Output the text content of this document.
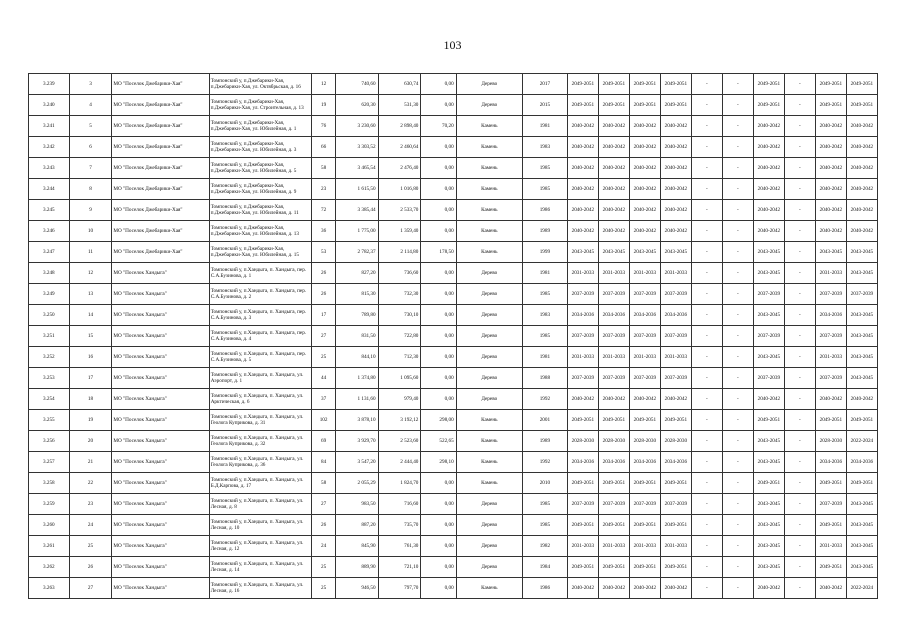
103
3.239	3	МО "Поселок Джебарики-Хая"	Томпонский у, п.Джебарики-Хая, п.Джебарики-Хая, ул. Октябрьская, д. 16	12	740,60	630,74	0,00	Дерево	2017	2049-2051	2049-2051	2049-2051	2049-2051	-	-	2049-2051	-	2049-2051	2049-2051
3.240	4	МО "Поселок Джебарики-Хая"	Томпонский у, п.Джебарики-Хая, п.Джебарики-Хая, ул. Строительная, д. 13	19	620,30	531,30	0,00	Дерево	2015	2049-2051	2049-2051	2049-2051	2049-2051	-	-	2049-2051	-	2049-2051	2049-2051
3.241	5	МО "Поселок Джебарики-Хая"	Томпонский у, п.Джебарики-Хая, п.Джебарики-Хая, ул. Юбилейная, д. 1	76	3 230,60	2 898,40	70,20	Камень	1981	2040-2042	2040-2042	2040-2042	2040-2042	-	-	2040-2042	-	2040-2042	2040-2042
3.242	6	МО "Поселок Джебарики-Хая"	Томпонский у, п.Джебарики-Хая, п.Джебарики-Хая, ул. Юбилейная, д. 3	66	3 303,52	2 460,64	0,00	Камень	1983	2040-2042	2040-2042	2040-2042	2040-2042	-	-	2040-2042	-	2040-2042	2040-2042
3.243	7	МО "Поселок Джебарики-Хая"	Томпонский у, п.Джебарики-Хая, п.Джебарики-Хая, ул. Юбилейная, д. 5	58	3 465,54	2 476,40	0,00	Камень	1985	2040-2042	2040-2042	2040-2042	2040-2042	-	-	2040-2042	-	2040-2042	2040-2042
3.244	8	МО "Поселок Джебарики-Хая"	Томпонский у, п.Джебарики-Хая, п.Джебарики-Хая, ул. Юбилейная, д. 9	23	1 615,50	1 016,80	0,00	Камень	1985	2040-2042	2040-2042	2040-2042	2040-2042	-	-	2040-2042	-	2040-2042	2040-2042
3.245	9	МО "Поселок Джебарики-Хая"	Томпонский у, п.Джебарики-Хая, п.Джебарики-Хая, ул. Юбилейная, д. 11	72	3 385,44	2 533,70	0,00	Камень	1986	2040-2042	2040-2042	2040-2042	2040-2042	-	-	2040-2042	-	2040-2042	2040-2042
3.246	10	МО "Поселок Джебарики-Хая"	Томпонский у, п.Джебарики-Хая, п.Джебарики-Хая, ул. Юбилейная, д. 13	36	1 775,00	1 359,40	0,00	Камень	1989	2040-2042	2040-2042	2040-2042	2040-2042	-	-	2040-2042	-	2040-2042	2040-2042
3.247	11	МО "Поселок Джебарики-Хая"	Томпонский у, п.Джебарики-Хая, п.Джебарики-Хая, ул. Юбилейная, д. 15	53	2 782,37	2 114,80	178,50	Камень	1999	2043-2045	2043-2045	2043-2045	2043-2045	-	-	2043-2045	-	2043-2045	2043-2045
3.248	12	МО "Поселок Хандыга"	Томпонский у, п.Хандыга, п. Хандыга, пер. С.А.Бузинова, д. 1	26	827,20	736,60	0,00	Дерево	1981	2031-2033	2031-2033	2031-2033	2031-2033	-	-	2043-2045	-	2031-2033	2043-2045
3.249	13	МО "Поселок Хандыга"	Томпонский у, п.Хандыга, п. Хандыга, пер. С.А.Бузинова, д. 2	26	815,30	732,30	0,00	Дерево	1985	2037-2039	2037-2039	2037-2039	2037-2039	-	-	2037-2039	-	2037-2039	2037-2039
3.250	14	МО "Поселок Хандыга"	Томпонский у, п.Хандыга, п. Хандыга, пер. С.А.Бузинова, д. 3	17	789,80	730,10	0,00	Дерево	1983	2034-2036	2034-2036	2034-2036	2034-2036	-	-	2043-2045	-	2034-2036	2043-2045
3.251	15	МО "Поселок Хандыга"	Томпонский у, п.Хандыга, п. Хандыга, пер. С.А.Бузинова, д. 4	27	831,50	722,80	0,00	Дерево	1985	2037-2039	2037-2039	2037-2039	2037-2039	-	-	2037-2039	-	2037-2039	2043-2045
3.252	16	МО "Поселок Хандыга"	Томпонский у, п.Хандыга, п. Хандыга, пер. С.А.Бузинова, д. 5	25	844,10	712,30	0,00	Дерево	1981	2031-2033	2031-2033	2031-2033	2031-2033	-	-	2043-2045	-	2031-2033	2043-2045
3.253	17	МО "Поселок Хандыга"	Томпонский у, п.Хандыга, п. Хандыга, ул. Аэропорт, д. 1	44	1 374,80	1 095,60	0,00	Дерево	1988	2037-2039	2037-2039	2037-2039	2037-2039	-	-	2037-2039	-	2037-2039	2043-2045
3.254	18	МО "Поселок Хандыга"	Томпонский у, п.Хандыга, п. Хандыга, ул. Арктическая, д. 6	37	1 131,60	979,40	0,00	Дерево	1992	2040-2042	2040-2042	2040-2042	2040-2042	-	-	2040-2042	-	2040-2042	2040-2042
3.255	19	МО "Поселок Хандыга"	Томпонский у, п.Хандыга, п. Хандыга, ул. Геолога Куприкова, д. 31	102	3 878,10	3 192,12	298,00	Камень	2001	2049-2051	2049-2051	2049-2051	2049-2051	-	-	2049-2051	-	2049-2051	2049-2051
3.256	20	МО "Поселок Хандыга"	Томпонский у, п.Хандыга, п. Хандыга, ул. Геолога Куприкова, д. 32	69	3 929,70	2 523,60	522,65	Камень	1989	2028-2030	2028-2030	2028-2030	2028-2030	-	-	2043-2045	-	2028-2030	2022-2024
3.257	21	МО "Поселок Хандыга"	Томпонский у, п.Хандыга, п. Хандыга, ул. Геолога Куприкова, д. 36	84	3 547,20	2 444,40	298,10	Камень	1992	2034-2036	2034-2036	2034-2036	2034-2036	-	-	2043-2045	-	2034-2036	2034-2036
3.258	22	МО "Поселок Хандыга"	Томпонский у, п.Хандыга, п. Хандыга, ул. Б.Д.Карпова, д. 17	58	2 055,29	1 824,70	0,00	Камень	2010	2049-2051	2049-2051	2049-2051	2049-2051	-	-	2049-2051	-	2049-2051	2049-2051
3.259	23	МО "Поселок Хандыга"	Томпонский у, п.Хандыга, п. Хандыга, ул. Лесная, д. 8	27	983,50	716,60	0,00	Дерево	1985	2037-2039	2037-2039	2037-2039	2037-2039	-	-	2043-2045	-	2037-2039	2043-2045
3.260	24	МО "Поселок Хандыга"	Томпонский у, п.Хандыга, п. Хандыга, ул. Лесная, д. 10	26	887,20	735,70	0,00	Дерево	1985	2049-2051	2049-2051	2049-2051	2049-2051	-	-	2043-2045	-	2049-2051	2043-2045
3.261	25	МО "Поселок Хандыга"	Томпонский у, п.Хандыга, п. Хандыга, ул. Лесная, д. 12	24	845,90	761,30	0,00	Дерево	1982	2031-2033	2031-2033	2031-2033	2031-2033	-	-	2043-2045	-	2031-2033	2043-2045
3.262	26	МО "Поселок Хандыга"	Томпонский у, п.Хандыга, п. Хандыга, ул. Лесная, д. 14	25	889,90	721,10	0,00	Дерево	1984	2049-2051	2049-2051	2049-2051	2049-2051	-	-	2043-2045	-	2049-2051	2043-2045
3.263	27	МО "Поселок Хандыга"	Томпонский у, п.Хандыга, п. Хандыга, ул. Лесная, д. 16	25	946,50	797,70	0,00	Камень	1986	2040-2042	2040-2042	2040-2042	2040-2042	-	-	2040-2042	-	2040-2042	2022-2024
